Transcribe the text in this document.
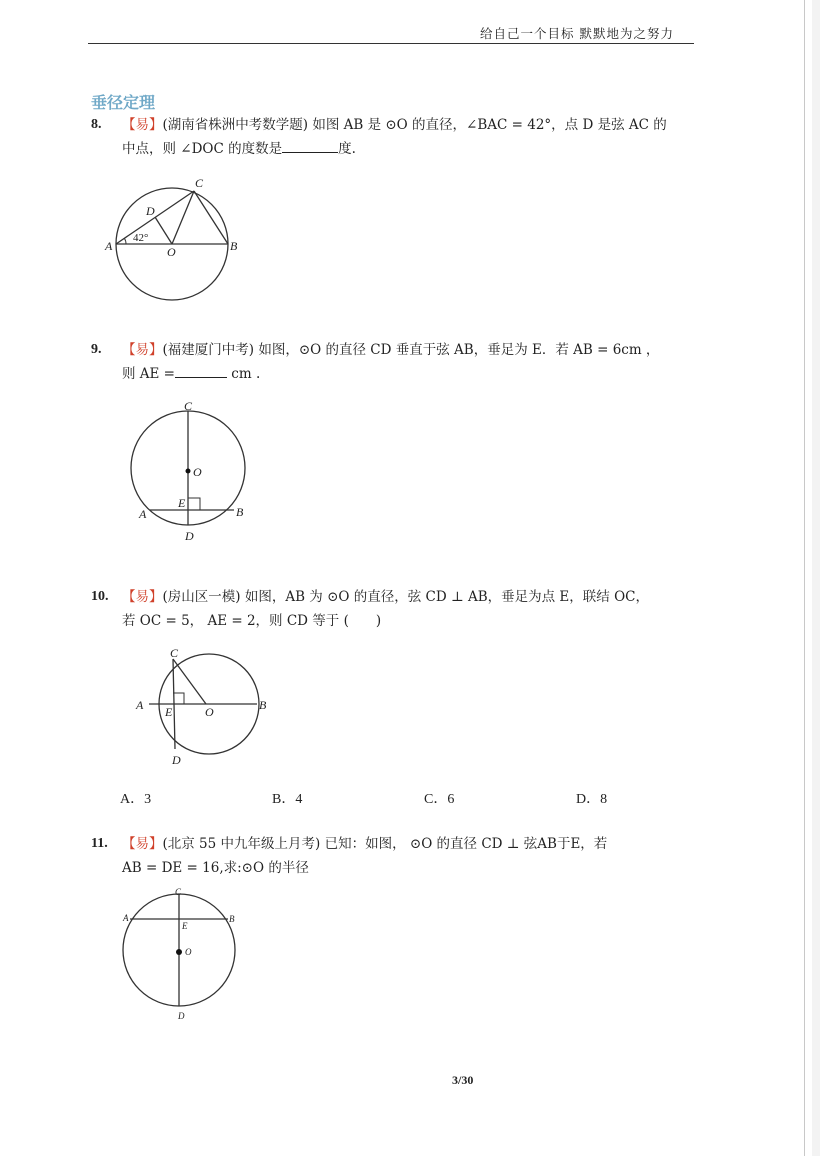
给自己一个目标 默默地为之努力
垂径定理
8. 【易】(湖南省株洲中考数学题) 如图 AB 是 ⊙O 的直径，∠BAC = 42°，点 D 是弦 AC 的
中点，则 ∠DOC 的度数是	度.
C
D
A	O	B
42°
9. 【易】(福建厦门中考) 如图，⊙O 的直径 CD 垂直于弦 AB，垂足为 E．若 AB = 6cm ，
则 AE =	cm .
C
O
E
A	B
D
10. 【易】(房山区一模) 如图，AB 为 ⊙O 的直径，弦 CD ⊥ AB，垂足为点 E，联结 OC，
若 OC = 5， AE = 2，则 CD 等于 (　　)
C
A E	O	B
D
A．3	B．4	C．6	D．8
11. 【易】(北京 55 中九年级上月考) 已知：如图， ⊙O 的直径 CD ⊥ 弦AB于E，若
AB = DE = 16,求:⊙O 的半径
C
A	B
E
O
D
3/30
